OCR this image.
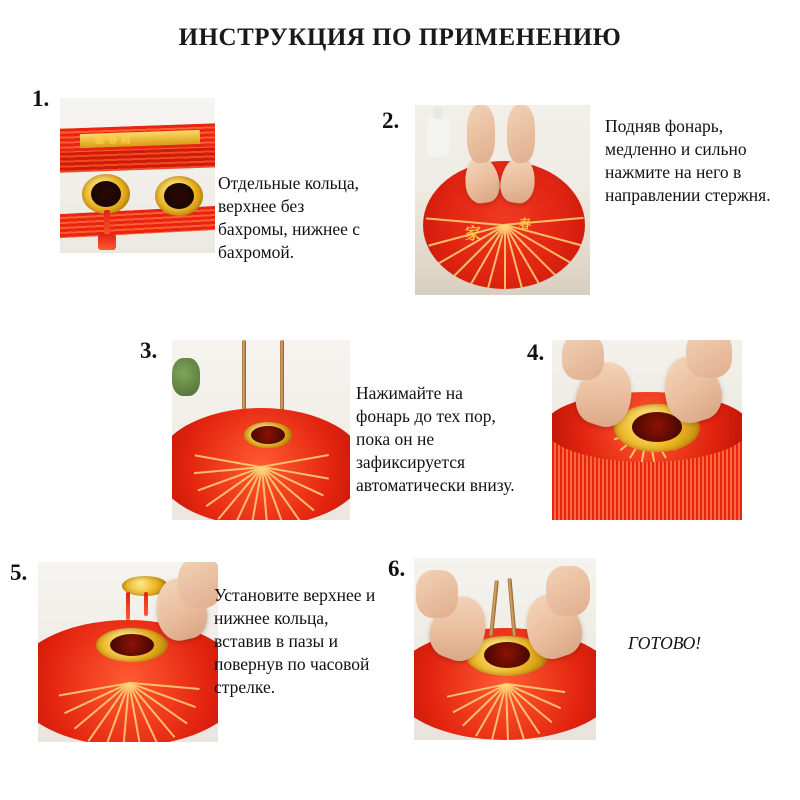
ИНСТРУКЦИЯ ПО ПРИМЕНЕНИЮ
1.
福 春 财
Отдельные кольца, верхнее без бахромы, нижнее с бахромой.
2.
家	春
Подняв фонарь, медленно и сильно нажмите на него в направлении стержня.
3.
Нажимайте на фонарь до тех пор, пока он не зафиксируется автоматически внизу.
4.
5.
Установите верхнее и нижнее кольца, вставив в пазы и повернув по часовой стрелке.
6.
ГОТОВО!
